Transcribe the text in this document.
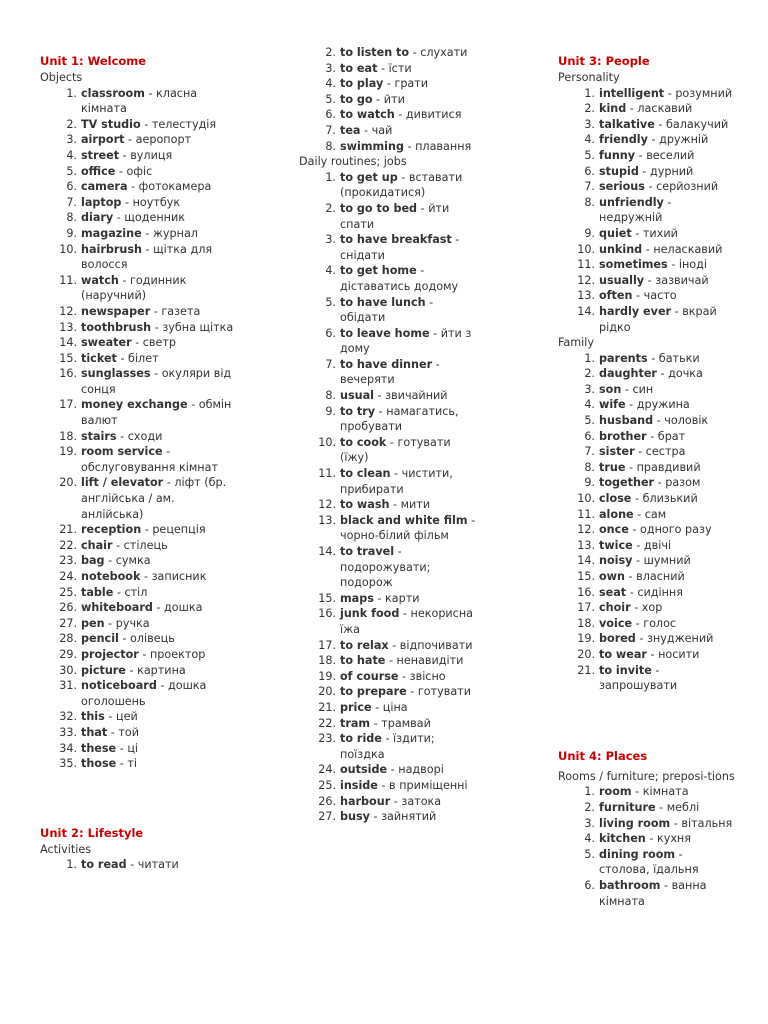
Unit 1: Welcome
Objects
1. classroom - класна кімната
2. TV studio - телестудія
3. airport - аеропорт
4. street - вулиця
5. office - офіс
6. camera - фотокамера
7. laptop - ноутбук
8. diary - щоденник
9. magazine - журнал
10. hairbrush - щітка для волосся
11. watch - годинник (наручний)
12. newspaper - газета
13. toothbrush - зубна щітка
14. sweater - светр
15. ticket - білет
16. sunglasses - окуляри від сонця
17. money exchange - обмін валют
18. stairs - сходи
19. room service - обслуговування кімнат
20. lift / elevator - ліфт (бр. англійська / ам. анлійська)
21. reception - рецепція
22. chair - стілець
23. bag - сумка
24. notebook - записник
25. table - стіл
26. whiteboard - дошка
27. pen - ручка
28. pencil - олівець
29. projector - проектор
30. picture - картина
31. noticeboard - дошка оголошень
32. this - цей
33. that - той
34. these - ці
35. those - ті
Unit 2: Lifestyle
Activities
1. to read - читати
2. to listen to - слухати
3. to eat - їсти
4. to play - грати
5. to go - йти
6. to watch - дивитися
7. tea - чай
8. swimming - плавання
Daily routines; jobs
1. to get up - вставати (прокидатися)
2. to go to bed - йти спати
3. to have breakfast - снідати
4. to get home - діставатись додому
5. to have lunch - обідати
6. to leave home - йти з дому
7. to have dinner - вечеряти
8. usual - звичайний
9. to try - намагатись, пробувати
10. to cook - готувати (їжу)
11. to clean - чистити, прибирати
12. to wash - мити
13. black and white film - чорно-білий фільм
14. to travel - подорожувати; подорож
15. maps - карти
16. junk food - некорисна їжа
17. to relax - відпочивати
18. to hate - ненавидіти
19. of course - звісно
20. to prepare - готувати
21. price - ціна
22. tram - трамвай
23. to ride - їздити; поїздка
24. outside - надворі
25. inside - в приміщенні
26. harbour - затока
27. busy - зайнятий
Unit 3: People
Personality
1. intelligent - розумний
2. kind - ласкавий
3. talkative - балакучий
4. friendly - дружній
5. funny - веселий
6. stupid - дурний
7. serious - серйозний
8. unfriendly - недружній
9. quiet - тихий
10. unkind - неласкавий
11. sometimes - іноді
12. usually - зазвичай
13. often - часто
14. hardly ever - вкрай рідко
Family
1. parents - батьки
2. daughter - дочка
3. son - син
4. wife - дружина
5. husband - чоловік
6. brother - брат
7. sister - сестра
8. true - правдивий
9. together - разом
10. close - близький
11. alone - сам
12. once - одного разу
13. twice - двічі
14. noisy - шумний
15. own - власний
16. seat - сидіння
17. choir - хор
18. voice - голос
19. bored - знуджений
20. to wear - носити
21. to invite - запрошувати
Unit 4: Places
Rooms / furniture; preposi-tions
1. room - кімната
2. furniture - меблі
3. living room - вітальня
4. kitchen - кухня
5. dining room - столова, їдальня
6. bathroom - ванна кімната
